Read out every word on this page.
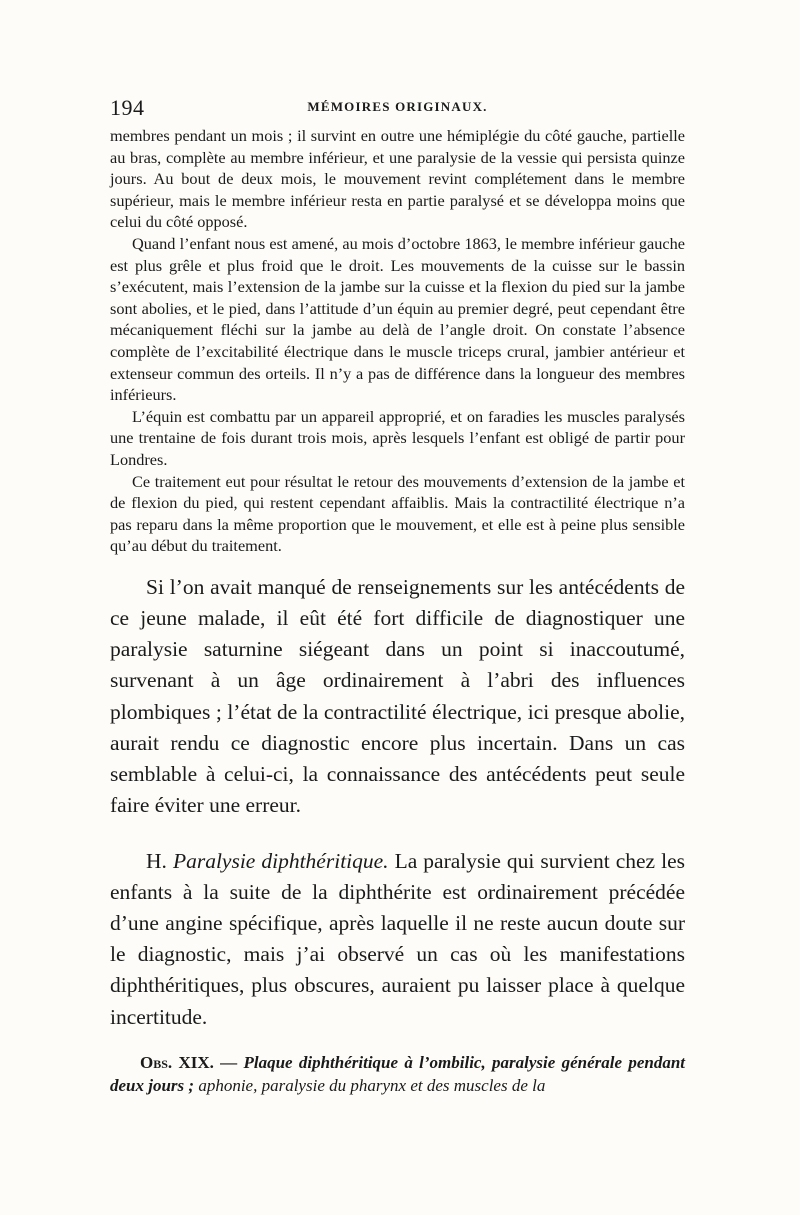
194	MÉMOIRES ORIGINAUX.

membres pendant un mois ; il survint en outre une hémiplégie du côté gauche, partielle au bras, complète au membre inférieur, et une paralysie de la vessie qui persista quinze jours. Au bout de deux mois, le mouvement revint complétement dans le membre supérieur, mais le membre inférieur resta en partie paralysé et se développa moins que celui du côté opposé.

Quand l’enfant nous est amené, au mois d’octobre 1863, le membre inférieur gauche est plus grêle et plus froid que le droit. Les mouvements de la cuisse sur le bassin s’exécutent, mais l’extension de la jambe sur la cuisse et la flexion du pied sur la jambe sont abolies, et le pied, dans l’attitude d’un équin au premier degré, peut cependant être mécaniquement fléchi sur la jambe au delà de l’angle droit. On constate l’absence complète de l’excitabilité électrique dans le muscle triceps crural, jambier antérieur et extenseur commun des orteils. Il n’y a pas de différence dans la longueur des membres inférieurs.

L’équin est combattu par un appareil approprié, et on faradies les muscles paralysés une trentaine de fois durant trois mois, après lesquels l’enfant est obligé de partir pour Londres.

Ce traitement eut pour résultat le retour des mouvements d’extension de la jambe et de flexion du pied, qui restent cependant affaiblis. Mais la contractilité électrique n’a pas reparu dans la même proportion que le mouvement, et elle est à peine plus sensible qu’au début du traitement.

Si l’on avait manqué de renseignements sur les antécédents de ce jeune malade, il eût été fort difficile de diagnostiquer une paralysie saturnine siégeant dans un point si inaccoutumé, survenant à un âge ordinairement à l’abri des influences plombiques ; l’état de la contractilité électrique, ici presque abolie, aurait rendu ce diagnostic encore plus incertain. Dans un cas semblable à celui-ci, la connaissance des antécédents peut seule faire éviter une erreur.

H. Paralysie diphthéritique. La paralysie qui survient chez les enfants à la suite de la diphthérite est ordinairement précédée d’une angine spécifique, après laquelle il ne reste aucun doute sur le diagnostic, mais j’ai observé un cas où les manifestations diphthéritiques, plus obscures, auraient pu laisser place à quelque incertitude.

Obs. XIX. — Plaque diphthéritique à l’ombilic, paralysie générale pendant deux jours ; aphonie, paralysie du pharynx et des muscles de la
